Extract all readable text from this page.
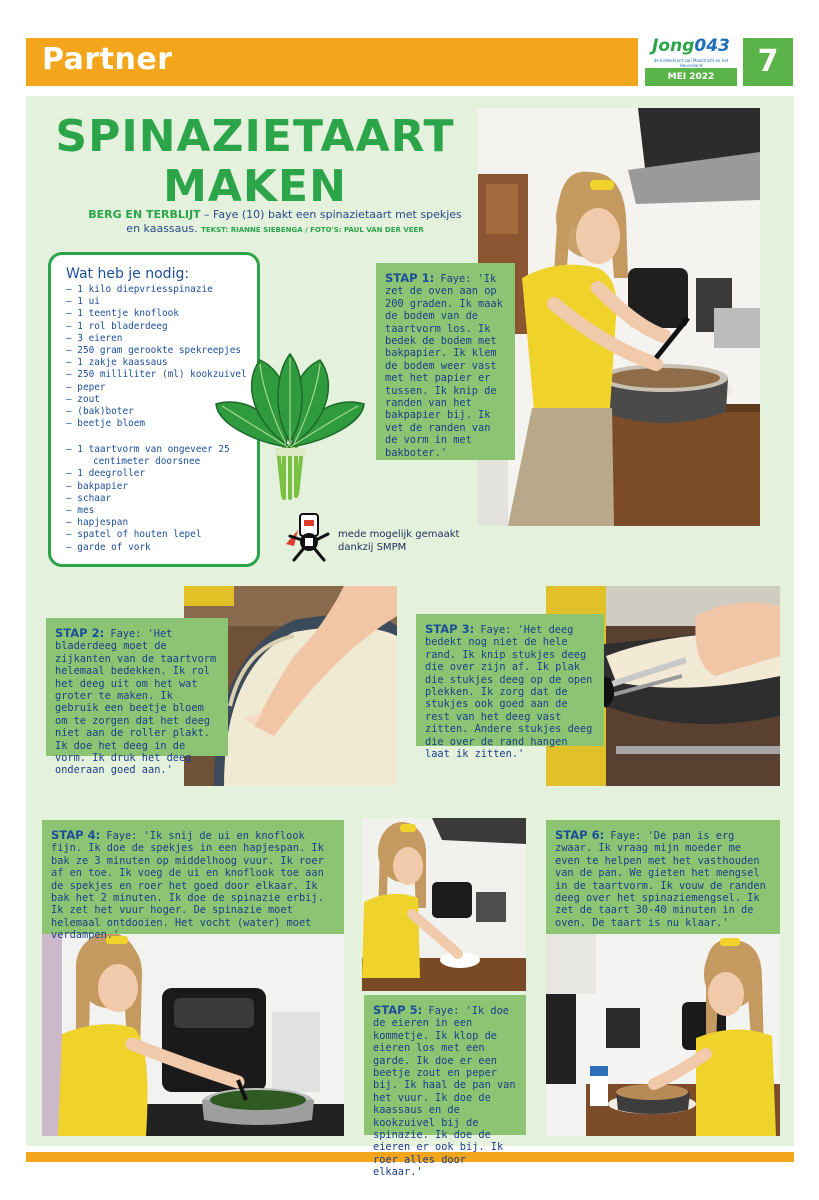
Partner	Jong043
de kinderkrant van Maastricht en het Heuvelland
MEI 2022	7
SPINAZIETAART
MAKEN
BERG EN TERBLIJT – Faye (10) bakt een spinazietaart met spekjes en kaassaus. TEKST: RIANNE SIEBENGA / FOTO'S: PAUL VAN DER VEER
Wat heb je nodig:
– 1 kilo diepvriesspinazie
– 1 ui
– 1 teentje knoflook
– 1 rol bladerdeeg
– 3 eieren
– 250 gram gerookte spekreepjes
– 1 zakje kaassaus
– 250 milliliter (ml) kookzuivel
– peper
– zout
– (bak)boter
– beetje bloem
– 1 taartvorm van ongeveer 25 centimeter doorsnee
– 1 deegroller
– bakpapier
– schaar
– mes
– hapjespan
– spatel of houten lepel
– garde of vork
mede mogelijk gemaakt
dankzij SMPM
STAP 1: Faye: 'Ik zet de oven aan op 200 graden. Ik maak de bodem van de taartvorm los. Ik bedek de bodem met bakpapier. Ik klem de bodem weer vast met het papier er tussen. Ik knip de randen van het bakpapier bij. Ik vet de randen van de vorm in met bakboter.'
STAP 2: Faye: 'Het bladerdeeg moet de zijkanten van de taartvorm helemaal bedekken. Ik rol het deeg uit om het wat groter te maken. Ik gebruik een beetje bloem om te zorgen dat het deeg niet aan de roller plakt. Ik doe het deeg in de vorm. Ik druk het deeg onderaan goed aan.'
STAP 3: Faye: 'Het deeg bedekt nog niet de hele rand. Ik knip stukjes deeg die over zijn af. Ik plak die stukjes deeg op de open plekken. Ik zorg dat de stukjes ook goed aan de rest van het deeg vast zitten. Andere stukjes deeg die over de rand hangen laat ik zitten.'
STAP 4: Faye: 'Ik snij de ui en knoflook fijn. Ik doe de spekjes in een hapjespan. Ik bak ze 3 minuten op middelhoog vuur. Ik roer af en toe. Ik voeg de ui en knoflook toe aan de spekjes en roer het goed door elkaar. Ik bak het 2 minuten. Ik doe de spinazie erbij. Ik zet het vuur hoger. De spinazie moet helemaal ontdooien. Het vocht (water) moet verdampen.'
STAP 5: Faye: 'Ik doe de eieren in een kommetje. Ik klop de eieren los met een garde. Ik doe er een beetje zout en peper bij. Ik haal de pan van het vuur. Ik doe de kaassaus en de kookzuivel bij de spinazie. Ik doe de eieren er ook bij. Ik roer alles door elkaar.'
STAP 6: Faye: 'De pan is erg zwaar. Ik vraag mijn moeder me even te helpen met het vasthouden van de pan. We gieten het mengsel in de taartvorm. Ik vouw de randen deeg over het spinaziemengsel. Ik zet de taart 30-40 minuten in de oven. De taart is nu klaar.'
